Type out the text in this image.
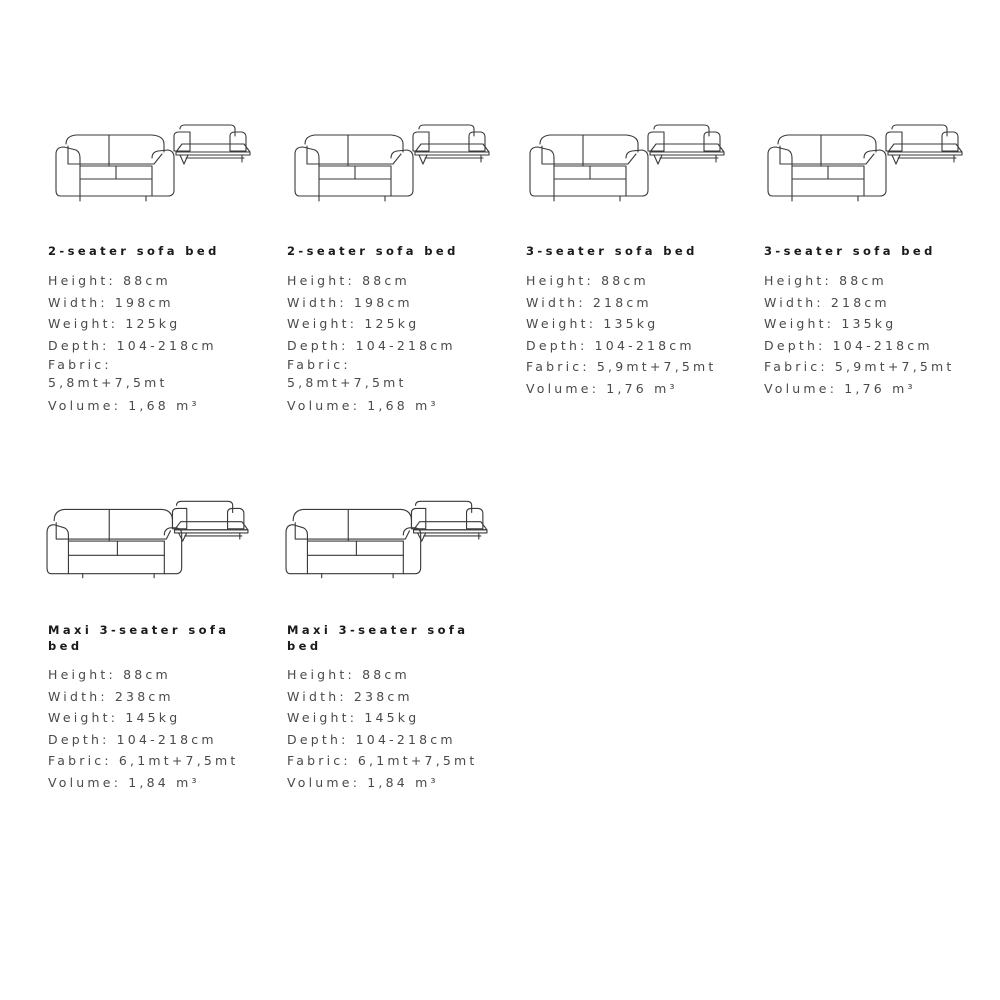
2-seater sofa bed
Height: 88cm
Width: 198cm
Weight: 125kg
Depth: 104-218cm
Fabric:
5,8mt+7,5mt
Volume: 1,68 m³
2-seater sofa bed
Height: 88cm
Width: 198cm
Weight: 125kg
Depth: 104-218cm
Fabric:
5,8mt+7,5mt
Volume: 1,68 m³
3-seater sofa bed
Height: 88cm
Width: 218cm
Weight: 135kg
Depth: 104-218cm
Fabric: 5,9mt+7,5mt
Volume: 1,76 m³
3-seater sofa bed
Height: 88cm
Width: 218cm
Weight: 135kg
Depth: 104-218cm
Fabric: 5,9mt+7,5mt
Volume: 1,76 m³
Maxi 3-seater sofa bed
Height: 88cm
Width: 238cm
Weight: 145kg
Depth: 104-218cm
Fabric: 6,1mt+7,5mt
Volume: 1,84 m³
Maxi 3-seater sofa bed
Height: 88cm
Width: 238cm
Weight: 145kg
Depth: 104-218cm
Fabric: 6,1mt+7,5mt
Volume: 1,84 m³
